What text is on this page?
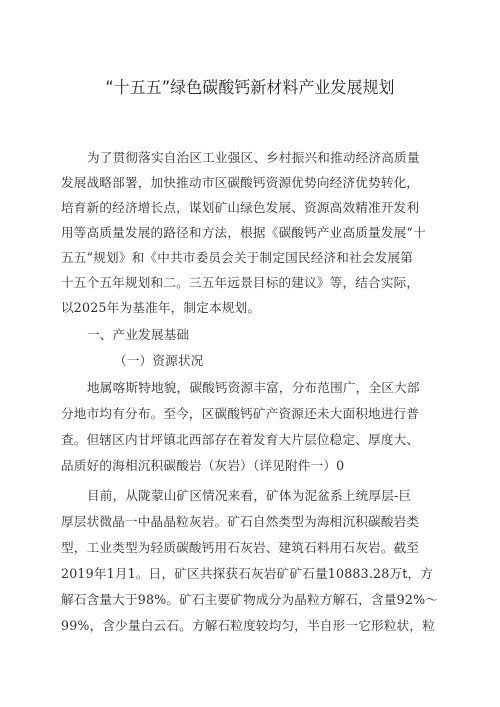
“十五五”绿色碳酸钙新材料产业发展规划
为了贯彻落实自治区工业强区、乡村振兴和推动经济高质量
发展战略部署，加快推动市区碳酸钙资源优势向经济优势转化，
培育新的经济增长点，谋划矿山绿色发展、资源高效精准开发利
用等高质量发展的路径和方法，根据《碳酸钙产业高质量发展“十
五五”规划》和《中共市委员会关于制定国民经济和社会发展第
十五个五年规划和二。三五年远景目标的建议》等，结合实际，
以2025年为基准年，制定本规划。
一、产业发展基础
（一）资源状况
地属喀斯特地貌，碳酸钙资源丰富，分布范围广，全区大部
分地市均有分布。至今，区碳酸钙矿产资源还未大面积地进行普
查。但辖区内甘坪镇北西部存在着发育大片层位稳定、厚度大、
品质好的海相沉积碳酸岩（灰岩）（详见附件一）0
目前，从陇蒙山矿区情况来看，矿体为泥盆系上统厚层-巨
厚层状微晶一中晶晶粒灰岩。矿石自然类型为海相沉积碳酸岩类
型，工业类型为轻质碳酸钙用石灰岩、建筑石料用石灰岩。截至
2019年1月1。日，矿区共探获石灰岩矿矿石量10883.28万t，方
解石含量大于98%。矿石主要矿物成分为晶粒方解石，含量92%〜
99%，含少量白云石。方解石粒度较均匀，半自形一它形粒状，粒
